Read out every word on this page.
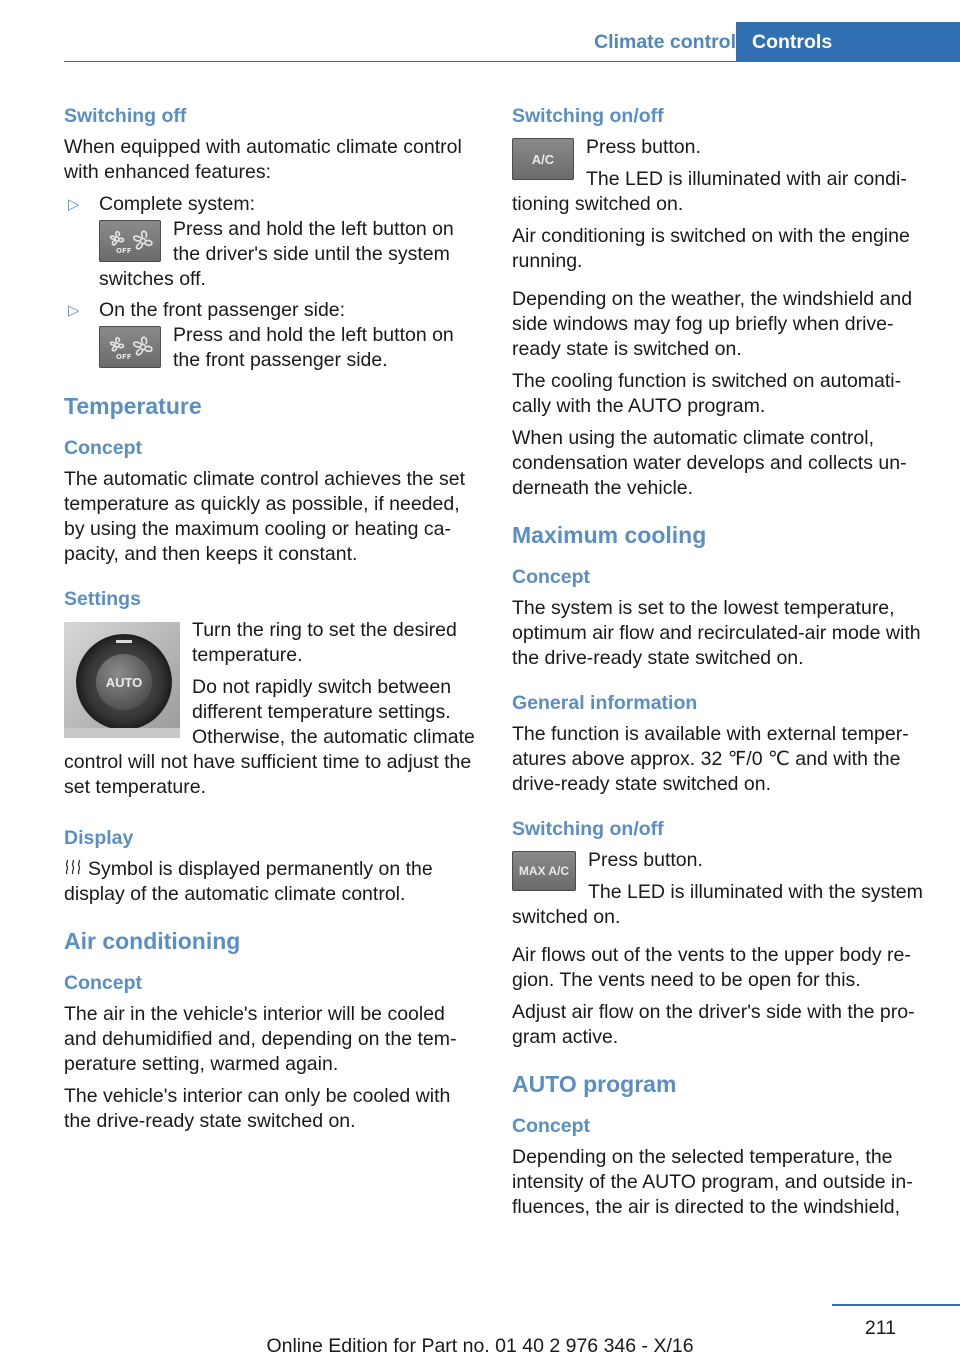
Climate control Controls
Switching off

When equipped with automatic climate control with enhanced features:

▷ Complete system:
OFF
Press and hold the left button on the driver's side until the system switches off.
▷ On the front passenger side:
OFF
Press and hold the left button on the front passenger side.
Temperature
Concept

The automatic climate control achieves the set temperature as quickly as possible, if needed, by using the maximum cooling or heating capacity, and then keeps it constant.

Settings
AUTO

Turn the ring to set the desired temperature.

Do not rapidly switch between different temperature settings. Otherwise, the automatic climate control will not have sufficient time to adjust the set temperature.

Display

Symbol is displayed permanently on the display of the automatic climate control.

Air conditioning
Concept

The air in the vehicle's interior will be cooled and dehumidified and, depending on the temperature setting, warmed again.

The vehicle's interior can only be cooled with the drive-ready state switched on.

Switching on/off
A/C

Press button.

The LED is illuminated with air conditioning switched on.

Air conditioning is switched on with the engine running.

Depending on the weather, the windshield and side windows may fog up briefly when drive-ready state is switched on.

The cooling function is switched on automatically with the AUTO program.

When using the automatic climate control, condensation water develops and collects underneath the vehicle.

Maximum cooling
Concept

The system is set to the lowest temperature, optimum air flow and recirculated-air mode with the drive-ready state switched on.

General information

The function is available with external temperatures above approx. 32 ℉/0 ℃ and with the drive-ready state switched on.

Switching on/off
MAX A/C Press button.

The LED is illuminated with the system switched on.

Air flows out of the vents to the upper body region. The vents need to be open for this.

Adjust air flow on the driver's side with the program active.

AUTO program
Concept

Depending on the selected temperature, the intensity of the AUTO program, and outside influences, the air is directed to the windshield,

211
Online Edition for Part no. 01 40 2 976 346 - X/16
